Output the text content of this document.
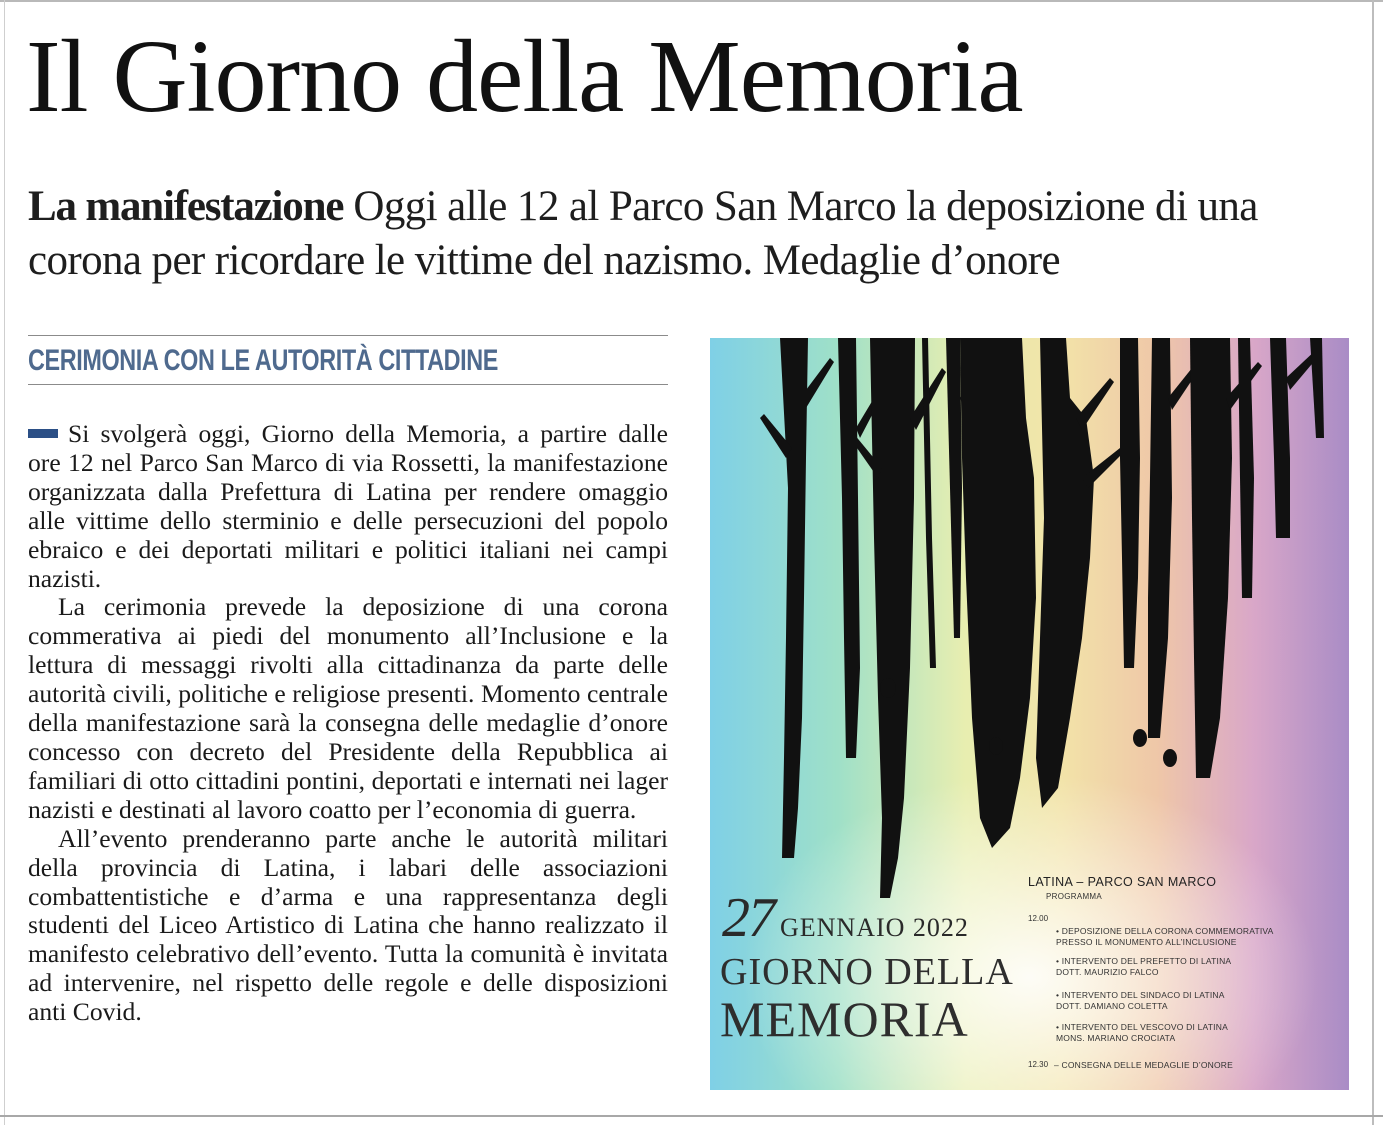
Il Giorno della Memoria

La manifestazione Oggi alle 12 al Parco San Marco la deposizione di una corona per ricordare le vittime del nazismo. Medaglie d’onore

CERIMONIA CON LE AUTORITÀ CITTADINE

Si svolgerà oggi, Giorno della Memoria, a partire dalle ore 12 nel Parco San Marco di via Rossetti, la manifestazione organizzata dalla Prefettura di Latina per rendere omaggio alle vittime dello sterminio e delle persecuzioni del popolo ebraico e dei deportati militari e politici italiani nei campi nazisti.

La cerimonia prevede la deposizione di una corona commerativa ai piedi del monumento all’Inclusione e la lettura di messaggi rivolti alla cittadinanza da parte delle autorità civili, politiche e religiose presenti. Momento centrale della manifestazione sarà la consegna delle medaglie d’onore concesso con decreto del Presidente della Repubblica ai familiari di otto cittadini pontini, deportati e internati nei lager nazisti e destinati al lavoro coatto per l’economia di guerra.

All’evento prenderanno parte anche le autorità militari della provincia di Latina, i labari delle associazioni combattentistiche e d’arma e una rappresentanza degli studenti del Liceo Artistico di Latina che hanno realizzato il manifesto celebrativo dell’evento. Tutta la comunità è invitata ad intervenire, nel rispetto delle regole e delle disposizioni anti Covid.

27 GENNAIO 2022
GIORNO DELLA
MEMORIA
LATINA – PARCO SAN MARCO
PROGRAMMA
12.00
• DEPOSIZIONE DELLA CORONA COMMEMORATIVA
PRESSO IL MONUMENTO ALL’INCLUSIONE
• INTERVENTO DEL PREFETTO DI LATINA
DOTT. MAURIZIO FALCO
• INTERVENTO DEL SINDACO DI LATINA
DOTT. DAMIANO COLETTA
• INTERVENTO DEL VESCOVO DI LATINA
MONS. MARIANO CROCIATA
12.30 – CONSEGNA DELLE MEDAGLIE D’ONORE
